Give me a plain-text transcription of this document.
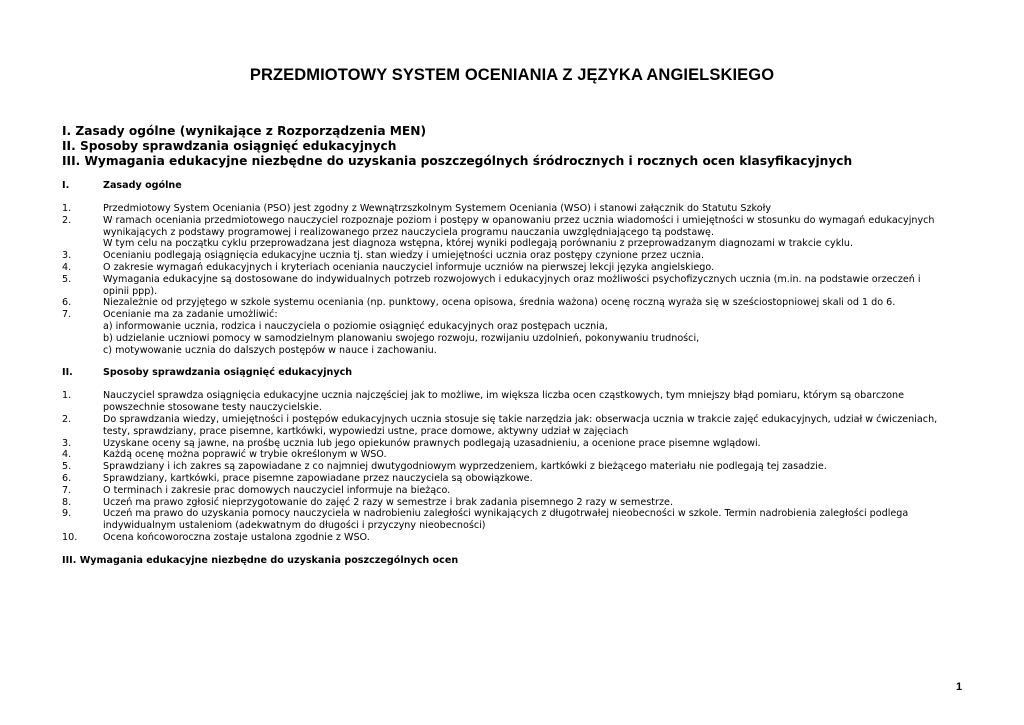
PRZEDMIOTOWY SYSTEM OCENIANIA Z JĘZYKA ANGIELSKIEGO
I. Zasady ogólne (wynikające z Rozporządzenia MEN)
II. Sposoby sprawdzania osiągnięć edukacyjnych
III. Wymagania edukacyjne niezbędne do uzyskania poszczególnych śródrocznych i rocznych ocen klasyfikacyjnych
I.	Zasady ogólne
1.	Przedmiotowy System Oceniania (PSO) jest zgodny z Wewnątrzszkolnym Systemem Oceniania (WSO) i stanowi załącznik do Statutu Szkoły
2.	W ramach oceniania przedmiotowego nauczyciel rozpoznaje poziom i postępy w opanowaniu przez ucznia wiadomości i umiejętności w stosunku do wymagań edukacyjnych
wynikających z podstawy programowej i realizowanego przez nauczyciela programu nauczania uwzględniającego tą podstawę.
W tym celu na początku cyklu przeprowadzana jest diagnoza wstępna, której wyniki podlegają porównaniu z przeprowadzanym diagnozami w trakcie cyklu.
3.	Ocenianiu podlegają osiągnięcia edukacyjne ucznia tj. stan wiedzy i umiejętności ucznia oraz postępy czynione przez ucznia.
4.	O zakresie wymagań edukacyjnych i kryteriach oceniania nauczyciel informuje uczniów na pierwszej lekcji języka angielskiego.
5.	Wymagania edukacyjne są dostosowane do indywidualnych potrzeb rozwojowych i edukacyjnych oraz możliwości psychofizycznych ucznia (m.in. na podstawie orzeczeń i
opinii ppp).
6.	Niezależnie od przyjętego w szkole systemu oceniania (np. punktowy, ocena opisowa, średnia ważona) ocenę roczną wyraża się w sześciostopniowej skali od 1 do 6.
7.	Ocenianie ma za zadanie umożliwić:
a) informowanie ucznia, rodzica i nauczyciela o poziomie osiągnięć edukacyjnych oraz postępach ucznia,
b) udzielanie uczniowi pomocy w samodzielnym planowaniu swojego rozwoju, rozwijaniu uzdolnień, pokonywaniu trudności,
c) motywowanie ucznia do dalszych postępów w nauce i zachowaniu.
II.	Sposoby sprawdzania osiągnięć edukacyjnych
1.	Nauczyciel sprawdza osiągnięcia edukacyjne ucznia najczęściej jak to możliwe, im większa liczba ocen cząstkowych, tym mniejszy błąd pomiaru, którym są obarczone
powszechnie stosowane testy nauczycielskie.
2.	Do sprawdzania wiedzy, umiejętności i postępów edukacyjnych ucznia stosuje się takie narzędzia jak: obserwacja ucznia w trakcie zajęć edukacyjnych, udział w ćwiczeniach,
testy, sprawdziany, prace pisemne, kartkówki, wypowiedzi ustne, prace domowe, aktywny udział w zajęciach
3.	Uzyskane oceny są jawne, na prośbę ucznia lub jego opiekunów prawnych podlegają uzasadnieniu, a ocenione prace pisemne wglądowi.
4.	Każdą ocenę można poprawić w trybie określonym w WSO.
5.	Sprawdziany i ich zakres są zapowiadane z co najmniej dwutygodniowym wyprzedzeniem, kartkówki z bieżącego materiału nie podlegają tej zasadzie.
6.	Sprawdziany, kartkówki, prace pisemne zapowiadane przez nauczyciela są obowiązkowe.
7.	O terminach i zakresie prac domowych nauczyciel informuje na bieżąco.
8.	Uczeń ma prawo zgłosić nieprzygotowanie do zajęć 2 razy w semestrze i brak zadania pisemnego 2 razy w semestrze.
9.	Uczeń ma prawo do uzyskania pomocy nauczyciela w nadrobieniu zaległości wynikających z długotrwałej nieobecności w szkole. Termin nadrobienia zaległości podlega
indywidualnym ustaleniom (adekwatnym do długości i przyczyny nieobecności)
10.	Ocena końcoworoczna zostaje ustalona zgodnie z WSO.
III. Wymagania edukacyjne niezbędne do uzyskania poszczególnych ocen
1
